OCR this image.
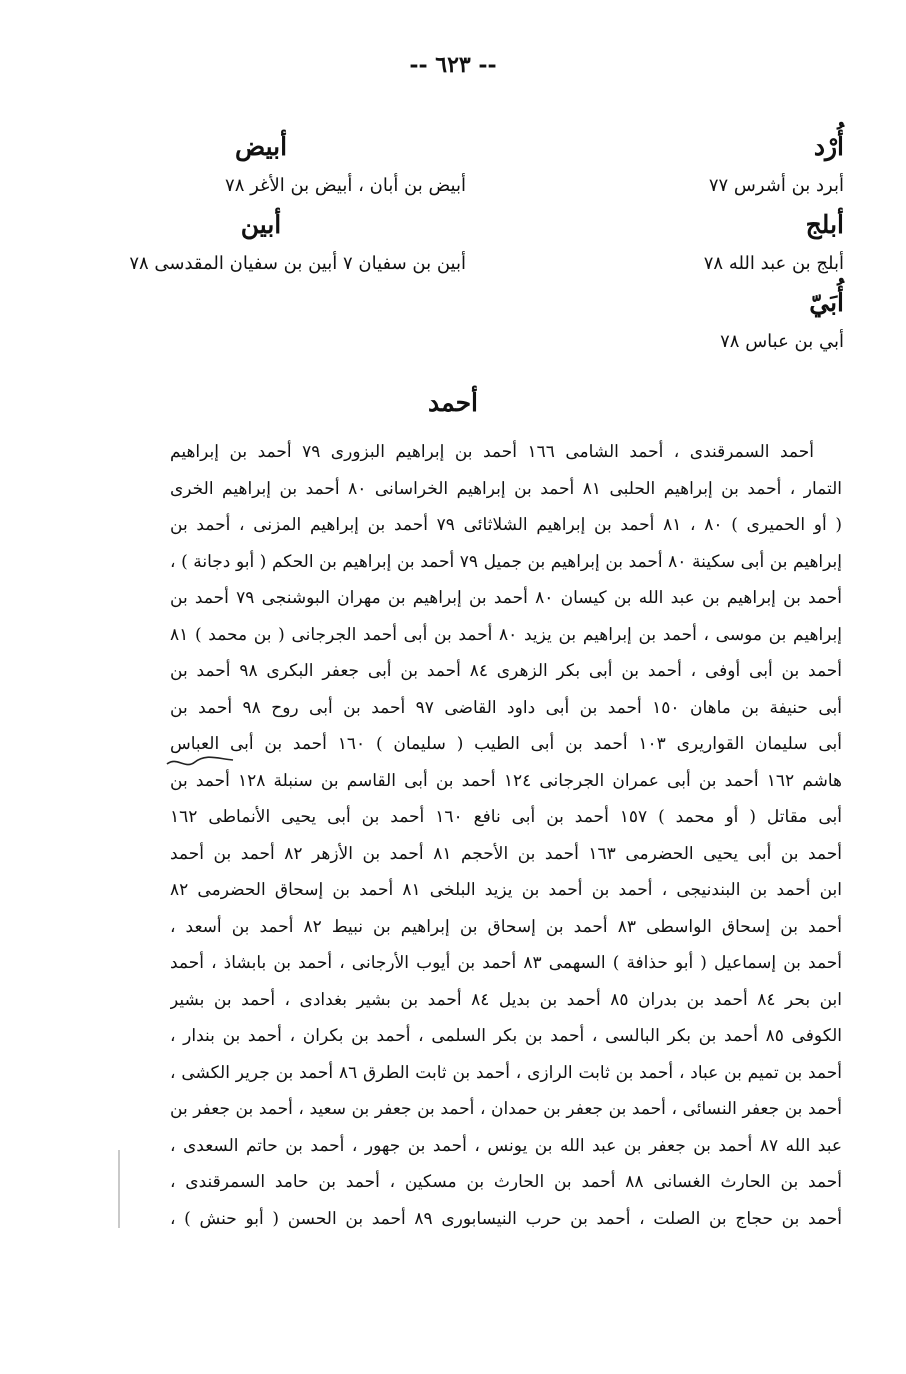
-- ٦٢٣ --
أُرْد
أبرد بن أشرس ٧٧
أبلج
أبلج بن عبد الله ٧٨
أُبَيّ
أبي بن عباس ٧٨
أبيض
أبيض بن أبان ، أبيض بن الأغر ٧٨
أبين
أبين بن سفيان ٧ أبين بن سفيان المقدسى ٧٨
أحمد
أحمد السمرقندى ، أحمد الشامى ١٦٦ أحمد بن إبراهيم البزورى ٧٩ أحمد بن إبراهيم
التمار ، أحمد بن إبراهيم الحلبى ٨١ أحمد بن إبراهيم الخراسانى ٨٠ أحمد بن إبراهيم الخرى
( أو الحميرى ) ٨٠ ، ٨١ أحمد بن إبراهيم الشلاثائى ٧٩ أحمد بن إبراهيم المزنى ، أحمد بن
إبراهيم بن أبى سكينة ٨٠ أحمد بن إبراهيم بن جميل ٧٩ أحمد بن إبراهيم بن الحكم ( أبو دجانة ) ،
أحمد بن إبراهيم بن عبد الله بن كيسان ٨٠ أحمد بن إبراهيم بن مهران البوشنجى ٧٩ أحمد بن
إبراهيم بن موسى ، أحمد بن إبراهيم بن يزيد ٨٠ أحمد بن أبى أحمد الجرجانى ( بن محمد ) ٨١
أحمد بن أبى أوفى ، أحمد بن أبى بكر الزهرى ٨٤ أحمد بن أبى جعفر البكرى ٩٨ أحمد بن
أبى حنيفة بن ماهان ١٥٠ أحمد بن أبى داود القاضى ٩٧ أحمد بن أبى روح ٩٨ أحمد بن
أبى سليمان القواريرى ١٠٣ أحمد بن أبى الطيب ( سليمان ) ١٦٠ أحمد بن أبى العباس
هاشم ١٦٢ أحمد بن أبى عمران الجرجانى ١٢٤ أحمد بن أبى القاسم بن سنبلة ١٢٨ أحمد بن
أبى مقاتل ( أو محمد ) ١٥٧ أحمد بن أبى نافع ١٦٠ أحمد بن أبى يحيى الأنماطى ١٦٢
أحمد بن أبى يحيى الحضرمى ١٦٣ أحمد بن الأحجم ٨١ أحمد بن الأزهر ٨٢ أحمد بن أحمد
ابن أحمد بن البندنيجى ، أحمد بن أحمد بن يزيد البلخى ٨١ أحمد بن إسحاق الحضرمى ٨٢
أحمد بن إسحاق الواسطى ٨٣ أحمد بن إسحاق بن إبراهيم بن نبيط ٨٢ أحمد بن أسعد ،
أحمد بن إسماعيل ( أبو حذافة ) السهمى ٨٣ أحمد بن أيوب الأرجانى ، أحمد بن بابشاذ ، أحمد
ابن بحر ٨٤ أحمد بن بدران ٨٥ أحمد بن بديل ٨٤ أحمد بن بشير بغدادى ، أحمد بن بشير
الكوفى ٨٥ أحمد بن بكر البالسى ، أحمد بن بكر السلمى ، أحمد بن بكران ، أحمد بن بندار ،
أحمد بن تميم بن عباد ، أحمد بن ثابت الرازى ، أحمد بن ثابت الطرق ٨٦ أحمد بن جرير الكشى ،
أحمد بن جعفر النسائى ، أحمد بن جعفر بن حمدان ، أحمد بن جعفر بن سعيد ، أحمد بن جعفر بن
عبد الله ٨٧ أحمد بن جعفر بن عبد الله بن يونس ، أحمد بن جهور ، أحمد بن حاتم السعدى ،
أحمد بن الحارث الغسانى ٨٨ أحمد بن الحارث بن مسكين ، أحمد بن حامد السمرقندى ،
أحمد بن حجاج بن الصلت ، أحمد بن حرب النيسابورى ٨٩ أحمد بن الحسن ( أبو حنش ) ،
